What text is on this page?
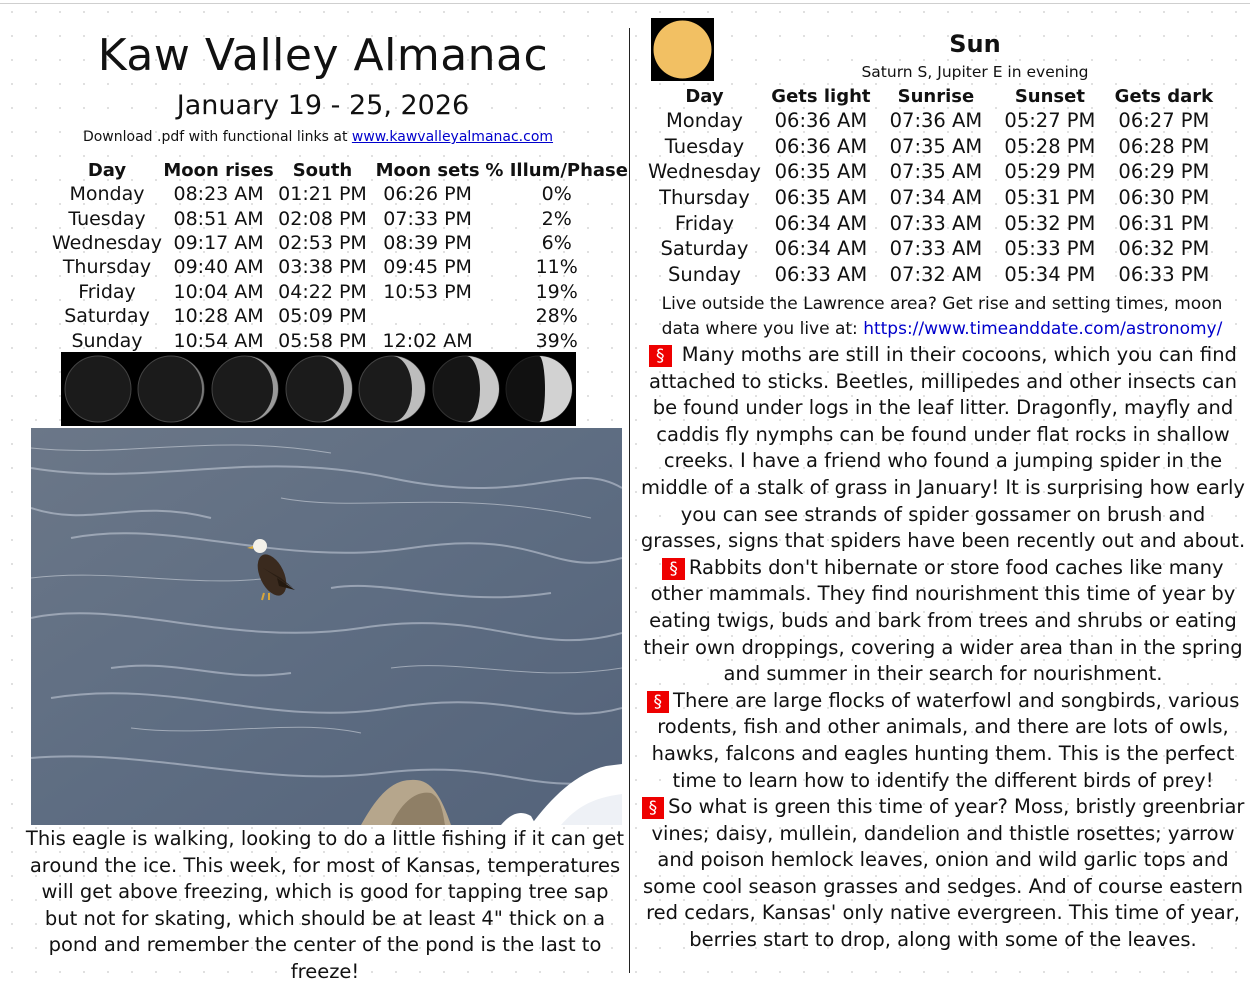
Kaw Valley Almanac
January 19 - 25, 2026
Download .pdf with functional links at www.kawvalleyalmanac.com
Day	Moon rises	South	Moon sets	% Illum/Phase
Monday	08:23 AM	01:21 PM	06:26 PM	0%
Tuesday	08:51 AM	02:08 PM	07:33 PM	2%
Wednesday	09:17 AM	02:53 PM	08:39 PM	6%
Thursday	09:40 AM	03:38 PM	09:45 PM	11%
Friday	10:04 AM	04:22 PM	10:53 PM	19%
Saturday	10:28 AM	05:09 PM		28%
Sunday	10:54 AM	05:58 PM	12:02 AM	39%
This eagle is walking, looking to do a little fishing if it can get around the ice. This week, for most of Kansas, temperatures will get above freezing, which is good for tapping tree sap but not for skating, which should be at least 4" thick on a pond and remember the center of the pond is the last to freeze!
Sun
Saturn S, Jupiter E in evening
Day	Gets light	Sunrise	Sunset	Gets dark
Monday	06:36 AM	07:36 AM	05:27 PM	06:27 PM
Tuesday	06:36 AM	07:35 AM	05:28 PM	06:28 PM
Wednesday	06:35 AM	07:35 AM	05:29 PM	06:29 PM
Thursday	06:35 AM	07:34 AM	05:31 PM	06:30 PM
Friday	06:34 AM	07:33 AM	05:32 PM	06:31 PM
Saturday	06:34 AM	07:33 AM	05:33 PM	06:32 PM
Sunday	06:33 AM	07:32 AM	05:34 PM	06:33 PM
Live outside the Lawrence area? Get rise and setting times, moon data where you live at: https://www.timeanddate.com/astronomy/

§ Many moths are still in their cocoons, which you can find attached to sticks. Beetles, millipedes and other insects can be found under logs in the leaf litter. Dragonfly, mayfly and caddis fly nymphs can be found under flat rocks in shallow creeks. I have a friend who found a jumping spider in the middle of a stalk of grass in January! It is surprising how early you can see strands of spider gossamer on brush and grasses, signs that spiders have been recently out and about.

§ Rabbits don't hibernate or store food caches like many other mammals. They find nourishment this time of year by eating twigs, buds and bark from trees and shrubs or eating their own droppings, covering a wider area than in the spring and summer in their search for nourishment.

§ There are large flocks of waterfowl and songbirds, various rodents, fish and other animals, and there are lots of owls, hawks, falcons and eagles hunting them. This is the perfect time to learn how to identify the different birds of prey!

§ So what is green this time of year? Moss, bristly greenbriar vines; daisy, mullein, dandelion and thistle rosettes; yarrow and poison hemlock leaves, onion and wild garlic tops and some cool season grasses and sedges. And of course eastern red cedars, Kansas' only native evergreen. This time of year, berries start to drop, along with some of the leaves.
